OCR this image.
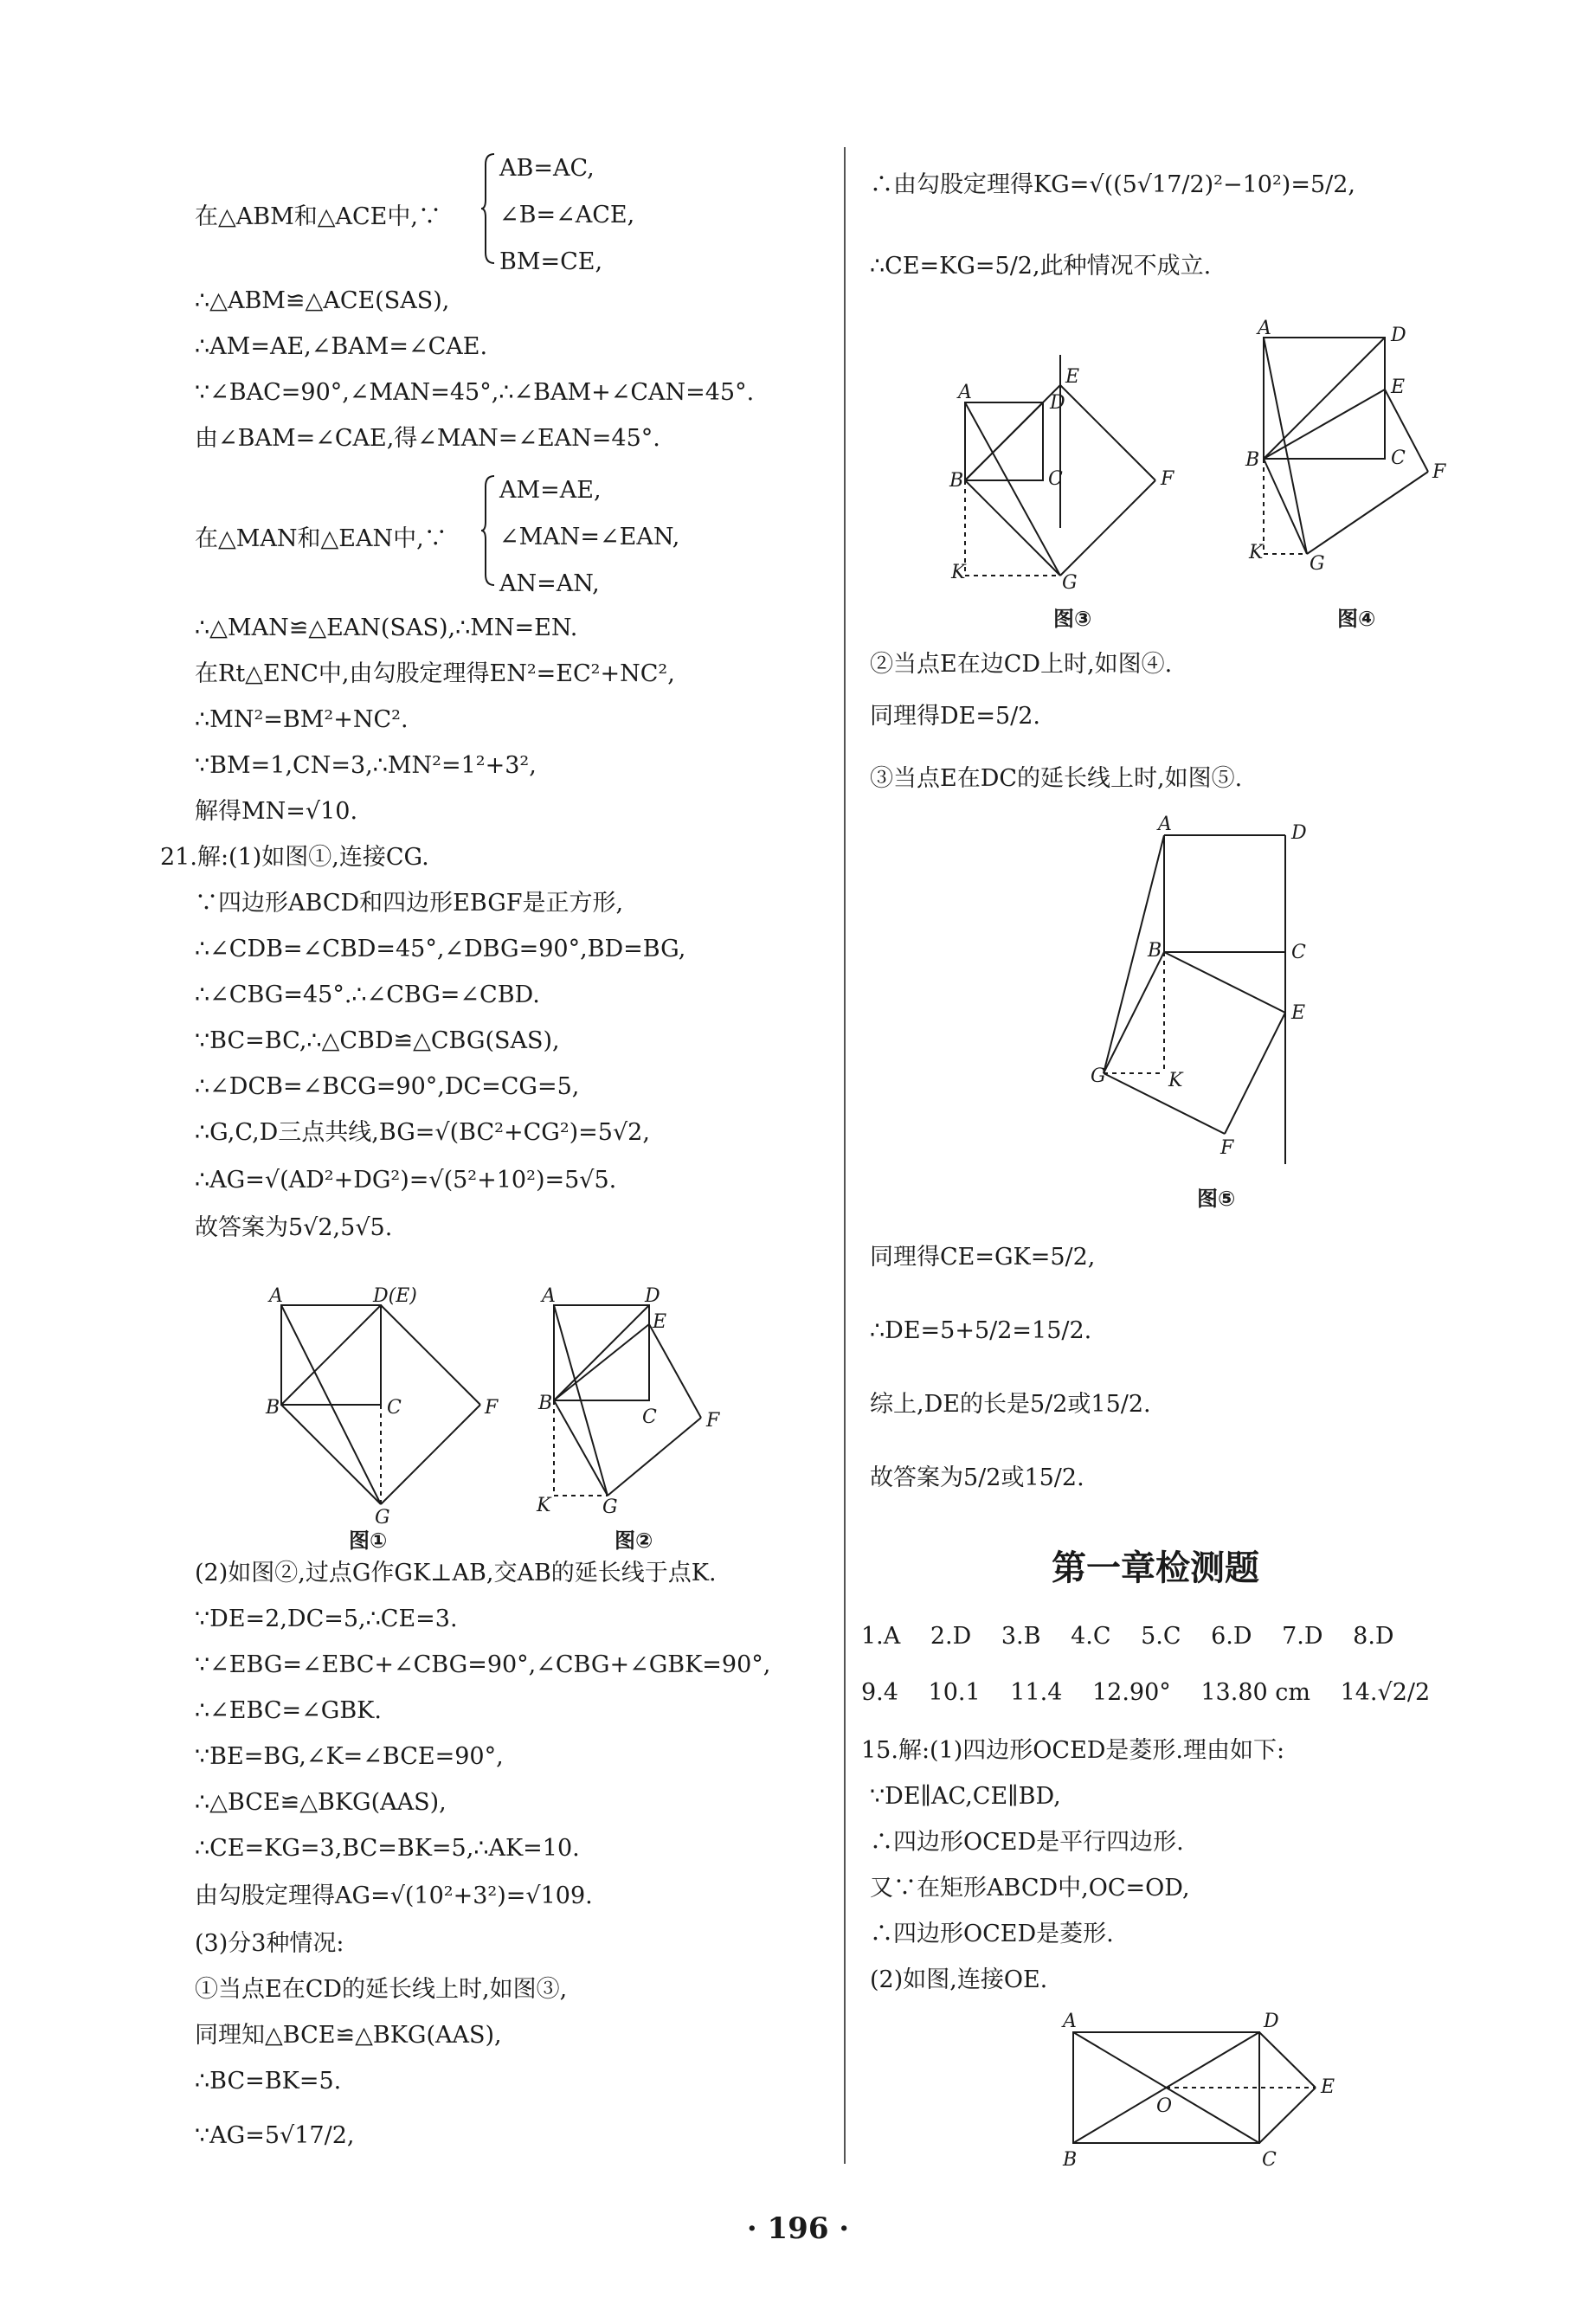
在△ABM和△ACE中,∵
AB=AC,
∠B=∠ACE,
BM=CE,
∴△ABM≌△ACE(SAS),
∴AM=AE,∠BAM=∠CAE.
∵∠BAC=90°,∠MAN=45°,∴∠BAM+∠CAN=45°.
由∠BAM=∠CAE,得∠MAN=∠EAN=45°.
在△MAN和△EAN中,∵
AM=AE,
∠MAN=∠EAN,
AN=AN,
∴△MAN≌△EAN(SAS),∴MN=EN.
在Rt△ENC中,由勾股定理得EN²=EC²+NC²,
∴MN²=BM²+NC².
∵BM=1,CN=3,∴MN²=1²+3²,
解得MN=√10.
21.解:(1)如图①,连接CG.
∵四边形ABCD和四边形EBGF是正方形,
∴∠CDB=∠CBD=45°,∠DBG=90°,BD=BG,
∴∠CBG=45°.∴∠CBG=∠CBD.
∵BC=BC,∴△CBD≌△CBG(SAS),
∴∠DCB=∠BCG=90°,DC=CG=5,
∴G,C,D三点共线,BG=√(BC²+CG²)=5√2,
∴AG=√(AD²+DG²)=√(5²+10²)=5√5.
故答案为5√2,5√5.
A	D(E)
B	C	F
G
图①
A	D
E
B
C	F
K	G
图②
(2)如图②,过点G作GK⊥AB,交AB的延长线于点K.
∵DE=2,DC=5,∴CE=3.
∵∠EBG=∠EBC+∠CBG=90°,∠CBG+∠GBK=90°,
∴∠EBC=∠GBK.
∵BE=BG,∠K=∠BCE=90°,
∴△BCE≌△BKG(AAS),
∴CE=KG=3,BC=BK=5,∴AK=10.
由勾股定理得AG=√(10²+3²)=√109.
(3)分3种情况:
①当点E在CD的延长线上时,如图③,
同理知△BCE≌△BKG(AAS),
∴BC=BK=5.
∵AG=5√17/2,
∴由勾股定理得KG=√((5√17/2)²−10²)=5/2,
∴CE=KG=5/2,此种情况不成立.
A	D
E
B	C	F
K	G
图③
A	D
E
B	C
F
K
G
图④
②当点E在边CD上时,如图④.
同理得DE=5/2.
③当点E在DC的延长线上时,如图⑤.
A	D
B	C
E
G	K
F
图⑤
同理得CE=GK=5/2,
∴DE=5+5/2=15/2.
综上,DE的长是5/2或15/2.
故答案为5/2或15/2.
第一章检测题
1.A 2.D 3.B 4.C 5.C 6.D 7.D 8.D
9.4 10.1 11.4 12.90° 13.80 cm 14.√2/2
15.解:(1)四边形OCED是菱形.理由如下:
∵DE∥AC,CE∥BD,
∴四边形OCED是平行四边形.
又∵在矩形ABCD中,OC=OD,
∴四边形OCED是菱形.
(2)如图,连接OE.
A	D
E
O
B	C
· 196 ·
